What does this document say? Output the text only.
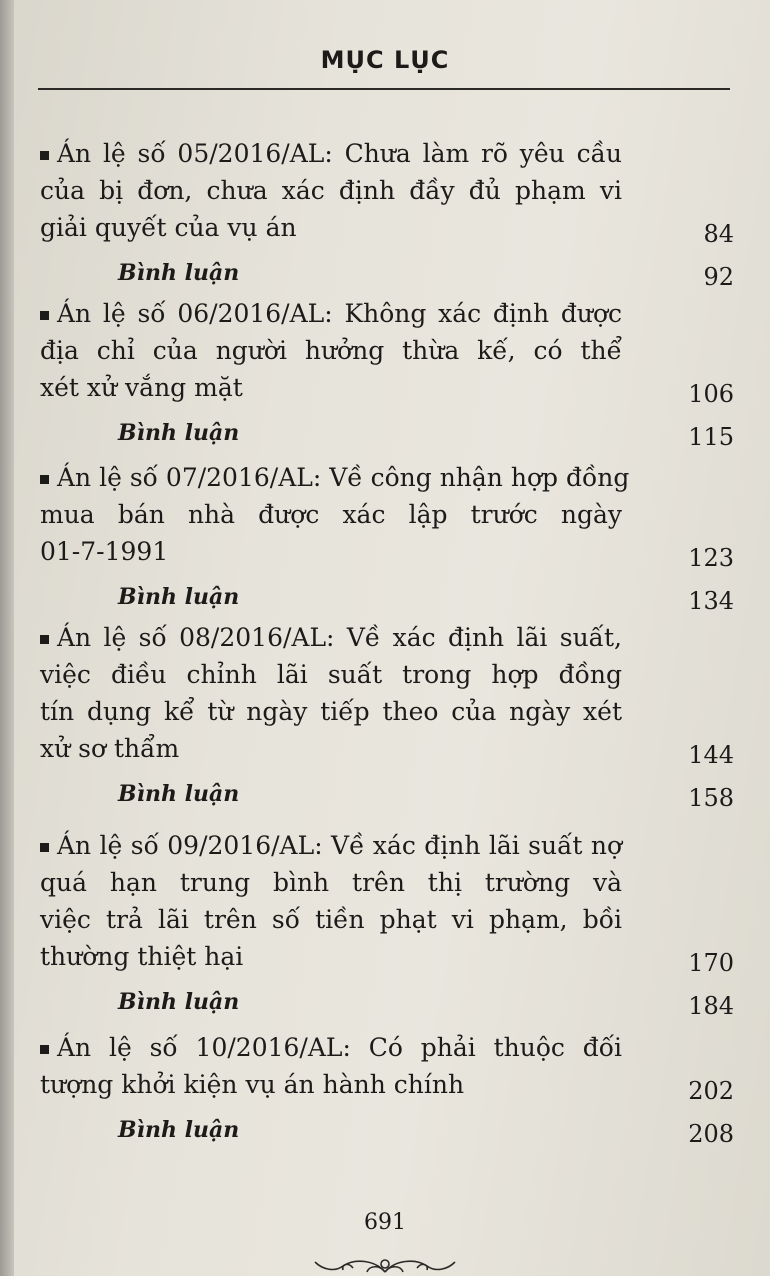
MỤC LỤC
Án lệ số 05/2016/AL: Chưa làm rõ yêu cầu
của bị đơn, chưa xác định đầy đủ phạm vi
giải quyết của vụ án	84
Bình luận	92
Án lệ số 06/2016/AL: Không xác định được
địa chỉ của người hưởng thừa kế, có thể
xét xử vắng mặt	106
Bình luận	115
Án lệ số 07/2016/AL: Về công nhận hợp đồng
mua bán nhà được xác lập trước ngày
01-7-1991	123
Bình luận	134
Án lệ số 08/2016/AL: Về xác định lãi suất,
việc điều chỉnh lãi suất trong hợp đồng
tín dụng kể từ ngày tiếp theo của ngày xét
xử sơ thẩm	144
Bình luận	158
Án lệ số 09/2016/AL: Về xác định lãi suất nợ
quá hạn trung bình trên thị trường và
việc trả lãi trên số tiền phạt vi phạm, bồi
thường thiệt hại	170
Bình luận	184
Án lệ số 10/2016/AL: Có phải thuộc đối
tượng khởi kiện vụ án hành chính	202
Bình luận	208
691
